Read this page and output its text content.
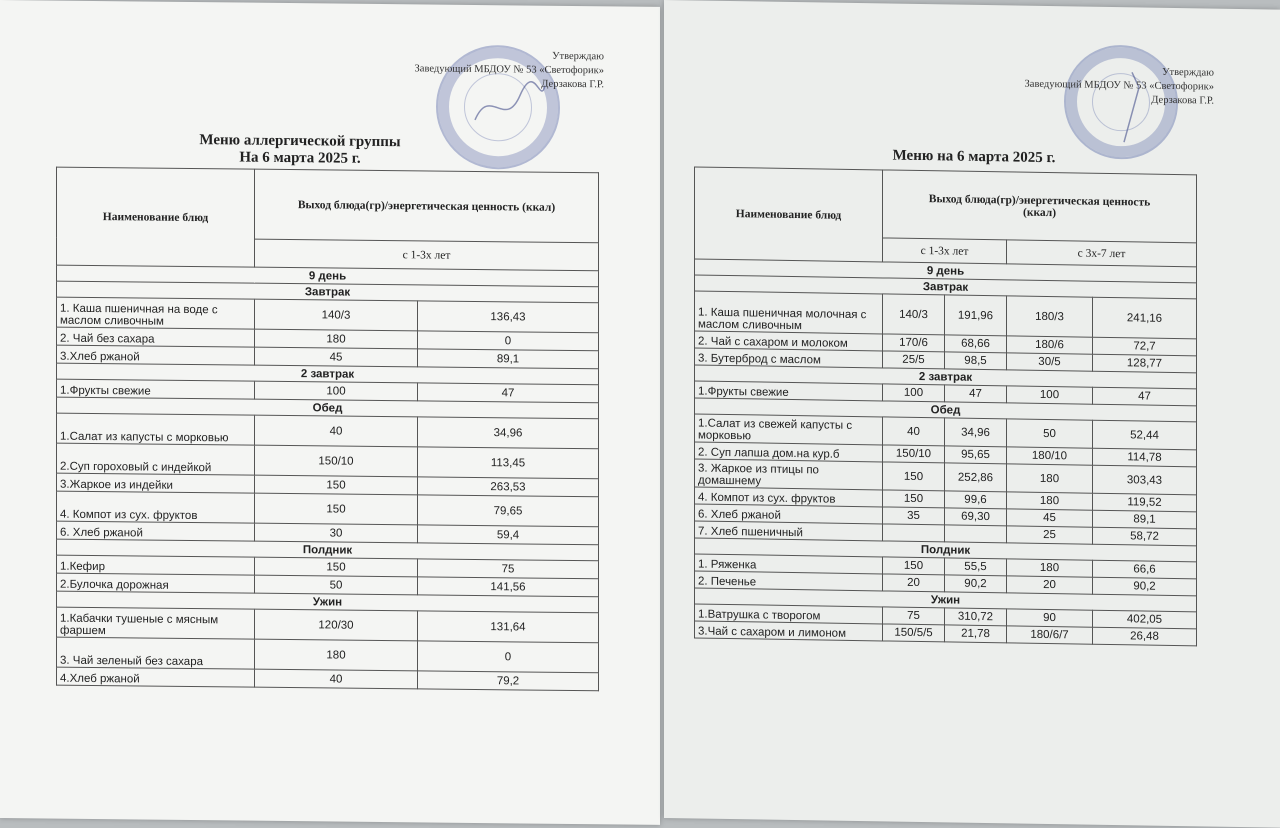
Утверждаю
Заведующий МБДОУ № 53 «Светофорик»
Дерзакова Г.Р.
Меню аллергической группы
На 6 марта 2025 г.
Наименование блюд	Выход блюда(гр)/энергетическая ценность (ккал)	
	с 1-3х лет	
9 день		
Завтрак		
1. Каша пшеничная на воде с маслом сливочным	140/3	136,43
2. Чай без сахара	180	0
3.Хлеб ржаной	45	89,1
2 завтрак		
1.Фрукты свежие	100	47
Обед		
1.Салат из капусты с морковью	40	34,96
2.Суп гороховый с индейкой	150/10	113,45
3.Жаркое из индейки	150	263,53
4. Компот из сух. фруктов	150	79,65
6. Хлеб ржаной	30	59,4
Полдник		
1.Кефир	150	75
2.Булочка дорожная	50	141,56
Ужин		
1.Кабачки тушеные с мясным фаршем	120/30	131,64
3. Чай зеленый без сахара	180	0
4.Хлеб ржаной	40	79,2
Утверждаю
Заведующий МБДОУ № 53 «Светофорик»
Дерзакова Г.Р.
Меню на 6 марта 2025 г.
Наименование блюд	Выход блюда(гр)/энергетическая ценность (ккал)			
	с 1-3х лет		с 3х-7 лет	
9 день				
Завтрак				
1. Каша пшеничная молочная с маслом сливочным	140/3	191,96	180/3	241,16
2. Чай с сахаром и молоком	170/6	68,66	180/6	72,7
3. Бутерброд с маслом	25/5	98,5	30/5	128,77
2 завтрак				
1.Фрукты свежие	100	47	100	47
Обед				
1.Салат из свежей капусты с морковью	40	34,96	50	52,44
2. Суп лапша дом.на кур.б	150/10	95,65	180/10	114,78
3. Жаркое из птицы по домашнему	150	252,86	180	303,43
4. Компот из сух. фруктов	150	99,6	180	119,52
6. Хлеб ржаной	35	69,30	45	89,1
7. Хлеб пшеничный			25	58,72
Полдник				
1. Ряженка	150	55,5	180	66,6
2. Печенье	20	90,2	20	90,2
Ужин				
1.Ватрушка с творогом	75	310,72	90	402,05
3.Чай с сахаром и лимоном	150/5/5	21,78	180/6/7	26,48
